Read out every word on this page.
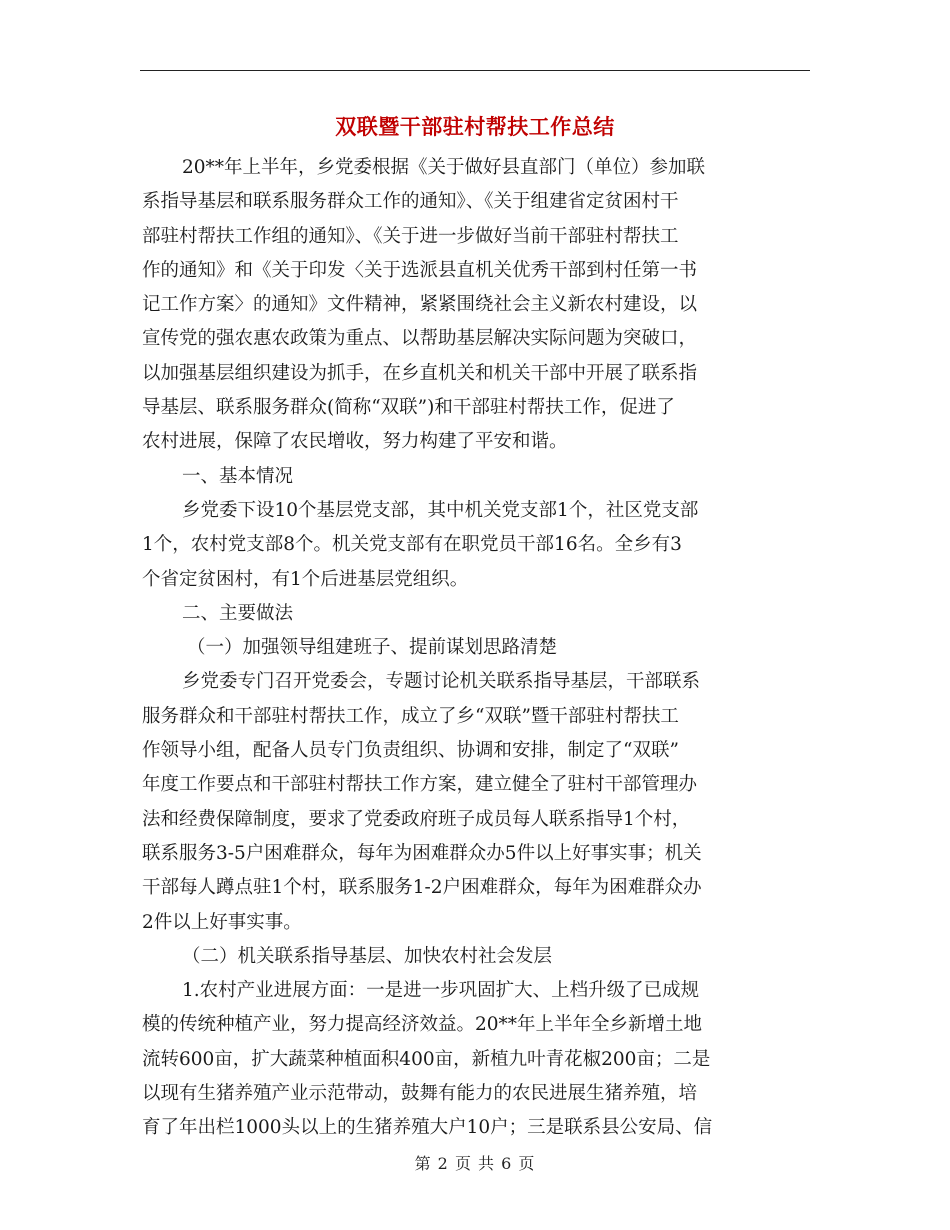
双联暨干部驻村帮扶工作总结
20**年上半年，乡党委根据《关于做好县直部门（单位）参加联
系指导基层和联系服务群众工作的通知》、《关于组建省定贫困村干
部驻村帮扶工作组的通知》、《关于进一步做好当前干部驻村帮扶工
作的通知》和《关于印发〈关于选派县直机关优秀干部到村任第一书
记工作方案〉的通知》文件精神，紧紧围绕社会主义新农村建设，以
宣传党的强农惠农政策为重点、以帮助基层解决实际问题为突破口，
以加强基层组织建设为抓手，在乡直机关和机关干部中开展了联系指
导基层、联系服务群众(简称“双联”)和干部驻村帮扶工作，促进了
农村进展，保障了农民增收，努力构建了平安和谐。
一、基本情况
乡党委下设10个基层党支部，其中机关党支部1个，社区党支部
1个，农村党支部8个。机关党支部有在职党员干部16名。全乡有3
个省定贫困村，有1个后进基层党组织。
二、主要做法
（一）加强领导组建班子、提前谋划思路清楚
乡党委专门召开党委会，专题讨论机关联系指导基层，干部联系
服务群众和干部驻村帮扶工作，成立了乡“双联”暨干部驻村帮扶工
作领导小组，配备人员专门负责组织、协调和安排，制定了“双联”
年度工作要点和干部驻村帮扶工作方案，建立健全了驻村干部管理办
法和经费保障制度，要求了党委政府班子成员每人联系指导1个村，
联系服务3-5户困难群众，每年为困难群众办5件以上好事实事；机关
干部每人蹲点驻1个村，联系服务1-2户困难群众，每年为困难群众办
2件以上好事实事。
（二）机关联系指导基层、加快农村社会发层
1.农村产业进展方面：一是进一步巩固扩大、上档升级了已成规
模的传统种植产业，努力提高经济效益。20**年上半年全乡新增土地
流转600亩，扩大蔬菜种植面积400亩，新植九叶青花椒200亩；二是
以现有生猪养殖产业示范带动，鼓舞有能力的农民进展生猪养殖，培
育了年出栏1000头以上的生猪养殖大户10户；三是联系县公安局、信
第 2 页 共 6 页
